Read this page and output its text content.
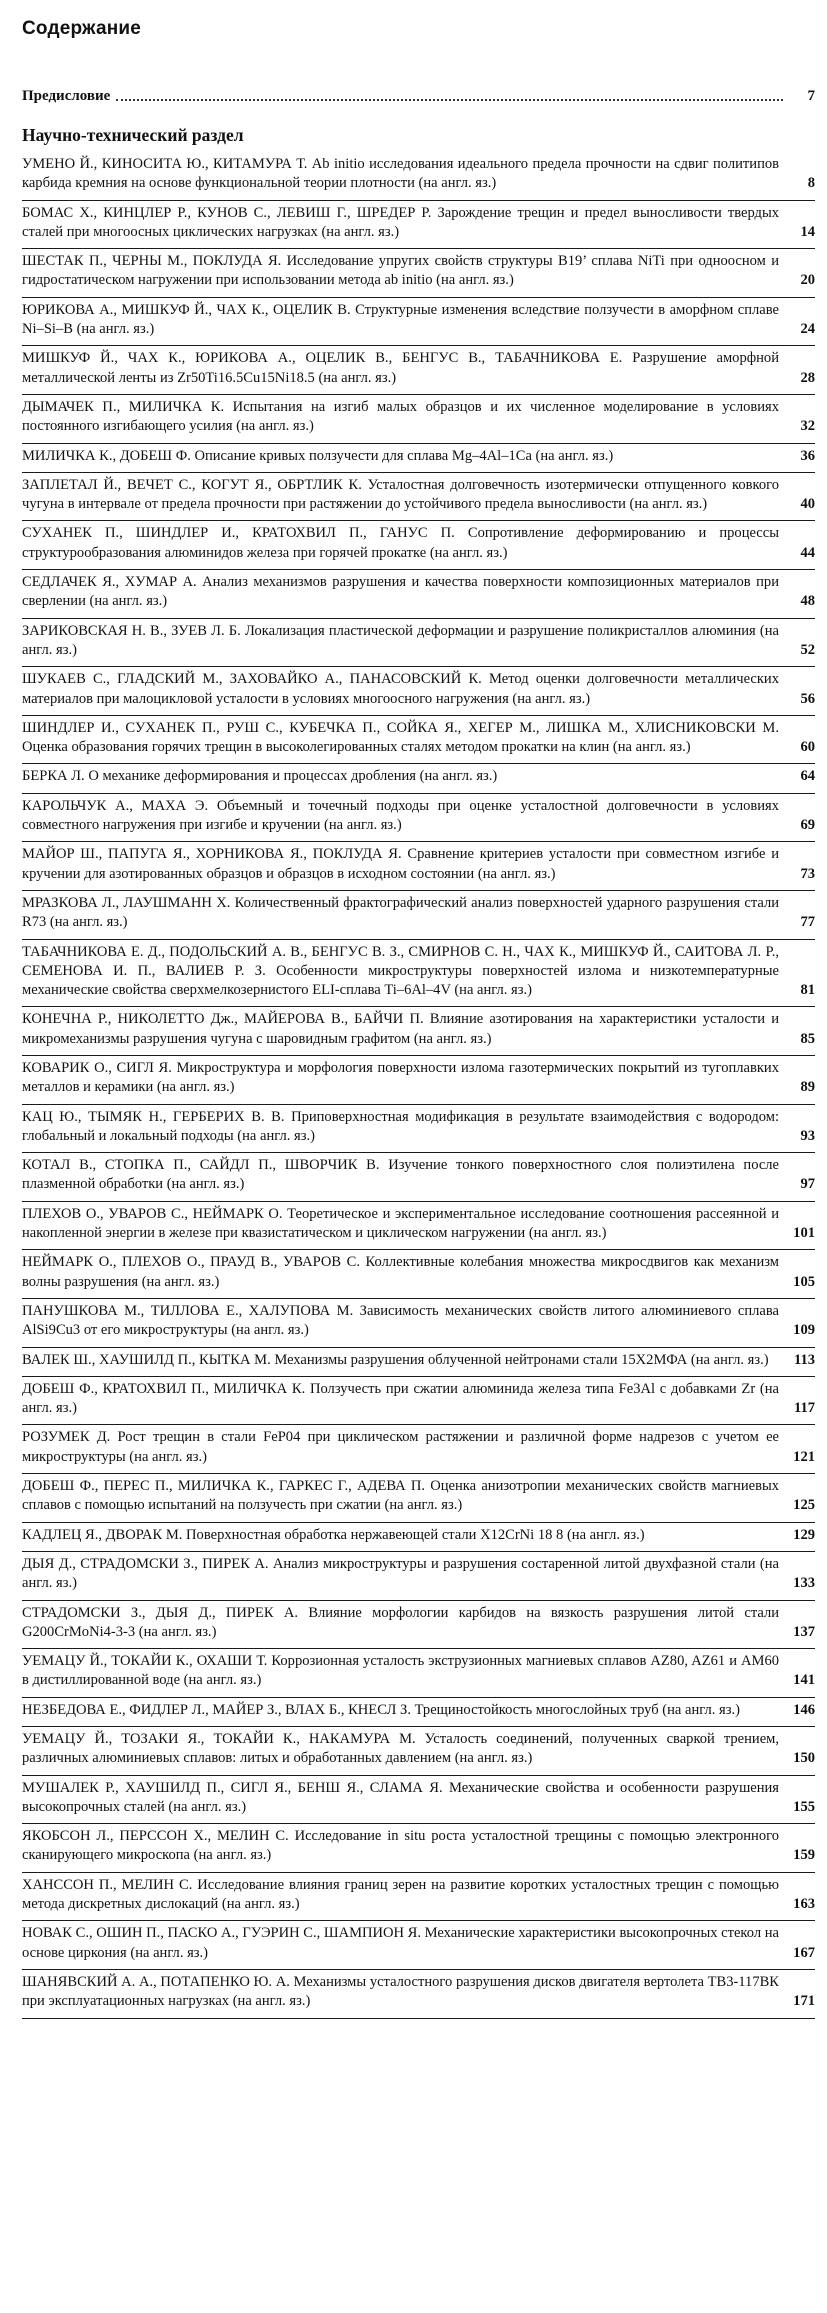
Содержание
Предисловие	7
Научно-технический раздел
УМЕНО Й., КИНОСИТА Ю., КИТАМУРА Т. Ab initio исследования идеального предела прочности на сдвиг политипов карбида кремния на основе функциональной теории плотности (на англ. яз.)	8
БОМАС Х., КИНЦЛЕР Р., КУНОВ С., ЛЕВИШ Г., ШРЕДЕР Р. Зарождение трещин и предел выносливости твердых сталей при многоосных циклических нагрузках (на англ. яз.)	14
ШЕСТАК П., ЧЕРНЫ М., ПОКЛУДА Я. Исследование упругих свойств структуры B19’ сплава NiTi при одноосном и гидростатическом нагружении при использовании метода ab initio (на англ. яз.)	20
ЮРИКОВА А., МИШКУФ Й., ЧАХ К., ОЦЕЛИК В. Структурные изменения вследствие ползучести в аморфном сплаве Ni–Si–B (на англ. яз.)	24
МИШКУФ Й., ЧАХ К., ЮРИКОВА А., ОЦЕЛИК В., БЕНГУС В., ТАБАЧНИКОВА Е. Разрушение аморфной металлической ленты из Zr50Ti16.5Cu15Ni18.5 (на англ. яз.)	28
ДЫМАЧЕК П., МИЛИЧКА К. Испытания на изгиб малых образцов и их численное моделирование в условиях постоянного изгибающего усилия (на англ. яз.)	32
МИЛИЧКА К., ДОБЕШ Ф. Описание кривых ползучести для сплава Mg–4Al–1Ca (на англ. яз.)	36
ЗАПЛЕТАЛ Й., ВЕЧЕТ С., КОГУТ Я., ОБРТЛИК К. Усталостная долговечность изотермически отпущенного ковкого чугуна в интервале от предела прочности при растяжении до устойчивого предела выносливости (на англ. яз.)	40
СУХАНЕК П., ШИНДЛЕР И., КРАТОХВИЛ П., ГАНУС П. Сопротивление деформированию и процессы структурообразования алюминидов железа при горячей прокатке (на англ. яз.)	44
СЕДЛАЧЕК Я., ХУМАР А. Анализ механизмов разрушения и качества поверхности композиционных материалов при сверлении (на англ. яз.)	48
ЗАРИКОВСКАЯ Н. В., ЗУЕВ Л. Б. Локализация пластической деформации и разрушение поликристаллов алюминия (на англ. яз.)	52
ШУКАЕВ С., ГЛАДСКИЙ М., ЗАХОВАЙКО А., ПАНАСОВСКИЙ К. Метод оценки долговечности металлических материалов при малоцикловой усталости в условиях многоосного нагружения (на англ. яз.)	56
ШИНДЛЕР И., СУХАНЕК П., РУШ С., КУБЕЧКА П., СОЙКА Я., ХЕГЕР М., ЛИШКА М., ХЛИСНИКОВСКИ М. Оценка образования горячих трещин в высоколегированных сталях методом прокатки на клин (на англ. яз.)	60
БЕРКА Л. О механике деформирования и процессах дробления (на англ. яз.)	64
КАРОЛЬЧУК А., МАХА Э. Объемный и точечный подходы при оценке усталостной долговечности в условиях совместного нагружения при изгибе и кручении (на англ. яз.)	69
МАЙОР Ш., ПАПУГА Я., ХОРНИКОВА Я., ПОКЛУДА Я. Сравнение критериев усталости при совместном изгибе и кручении для азотированных образцов и образцов в исходном состоянии (на англ. яз.)	73
МРАЗКОВА Л., ЛАУШМАНН Х. Количественный фрактографический анализ поверхностей ударного разрушения стали R73 (на англ. яз.)	77
ТАБАЧНИКОВА Е. Д., ПОДОЛЬСКИЙ А. В., БЕНГУС В. З., СМИРНОВ С. Н., ЧАХ К., МИШКУФ Й., САИТОВА Л. Р., СЕМЕНОВА И. П., ВАЛИЕВ Р. З. Особенности микроструктуры поверхностей излома и низкотемпературные механические свойства сверхмелкозернистого ELI-сплава Ti–6Al–4V (на англ. яз.)	81
КОНЕЧНА Р., НИКОЛЕТТО Дж., МАЙЕРОВА В., БАЙЧИ П. Влияние азотирования на характеристики усталости и микромеханизмы разрушения чугуна с шаровидным графитом (на англ. яз.)	85
КОВАРИК О., СИГЛ Я. Микроструктура и морфология поверхности излома газотермических покрытий из тугоплавких металлов и керамики (на англ. яз.)	89
КАЦ Ю., ТЫМЯК Н., ГЕРБЕРИХ В. В. Приповерхностная модификация в результате взаимодействия с водородом: глобальный и локальный подходы (на англ. яз.)	93
КОТАЛ В., СТОПКА П., САЙДЛ П., ШВОРЧИК В. Изучение тонкого поверхностного слоя полиэтилена после плазменной обработки (на англ. яз.)	97
ПЛЕХОВ О., УВАРОВ С., НЕЙМАРК О. Теоретическое и экспериментальное исследование соотношения рассеянной и накопленной энергии в железе при квазистатическом и циклическом нагружении (на англ. яз.)	101
НЕЙМАРК О., ПЛЕХОВ О., ПРАУД В., УВАРОВ С. Коллективные колебания множества микросдвигов как механизм волны разрушения (на англ. яз.)	105
ПАНУШКОВА М., ТИЛЛОВА Е., ХАЛУПОВА М. Зависимость механических свойств литого алюминиевого сплава AlSi9Cu3 от его микроструктуры (на англ. яз.)	109
ВАЛЕК Ш., ХАУШИЛД П., КЫТКА М. Механизмы разрушения облученной нейтронами стали 15Х2МФА (на англ. яз.)	113
ДОБЕШ Ф., КРАТОХВИЛ П., МИЛИЧКА К. Ползучесть при сжатии алюминида железа типа Fe3Al с добавками Zr (на англ. яз.)	117
РОЗУМЕК Д. Рост трещин в стали FeP04 при циклическом растяжении и различной форме надрезов с учетом ее микроструктуры (на англ. яз.)	121
ДОБЕШ Ф., ПЕРЕС П., МИЛИЧКА К., ГАРКЕС Г., АДЕВА П. Оценка анизотропии механических свойств магниевых сплавов с помощью испытаний на ползучесть при сжатии (на англ. яз.)	125
КАДЛЕЦ Я., ДВОРАК М. Поверхностная обработка нержавеющей стали X12CrNi 18 8 (на англ. яз.)	129
ДЫЯ Д., СТРАДОМСКИ З., ПИРЕК А. Анализ микроструктуры и разрушения состаренной литой двухфазной стали (на англ. яз.)	133
СТРАДОМСКИ З., ДЫЯ Д., ПИРЕК А. Влияние морфологии карбидов на вязкость разрушения литой стали G200CrMoNi4-3-3 (на англ. яз.)	137
УЕМАЦУ Й., ТОКАЙИ К., ОХАШИ Т. Коррозионная усталость экструзионных магниевых сплавов AZ80, AZ61 и AM60 в дистиллированной воде (на англ. яз.)	141
НЕЗБЕДОВА Е., ФИДЛЕР Л., МАЙЕР З., ВЛАХ Б., КНЕСЛ З. Трещиностойкость многослойных труб (на англ. яз.)	146
УЕМАЦУ Й., ТОЗАКИ Я., ТОКАЙИ К., НАКАМУРА М. Усталость соединений, полученных сваркой трением, различных алюминиевых сплавов: литых и обработанных давлением (на англ. яз.)	150
МУШАЛЕК Р., ХАУШИЛД П., СИГЛ Я., БЕНШ Я., СЛАМА Я. Механические свойства и особенности разрушения высокопрочных сталей (на англ. яз.)	155
ЯКОБСОН Л., ПЕРССОН Х., МЕЛИН С. Исследование in situ роста усталостной трещины с помощью электронного сканирующего микроскопа (на англ. яз.)	159
ХАНССОН П., МЕЛИН С. Исследование влияния границ зерен на развитие коротких усталостных трещин с помощью метода дискретных дислокаций (на англ. яз.)	163
НОВАК С., ОШИН П., ПАСКО А., ГУЭРИН С., ШАМПИОН Я. Механические характеристики высокопрочных стекол на основе циркония (на англ. яз.)	167
ШАНЯВСКИЙ А. А., ПОТАПЕНКО Ю. А. Механизмы усталостного разрушения дисков двигателя вертолета ТВ3-117ВК при эксплуатационных нагрузках (на англ. яз.)	171
